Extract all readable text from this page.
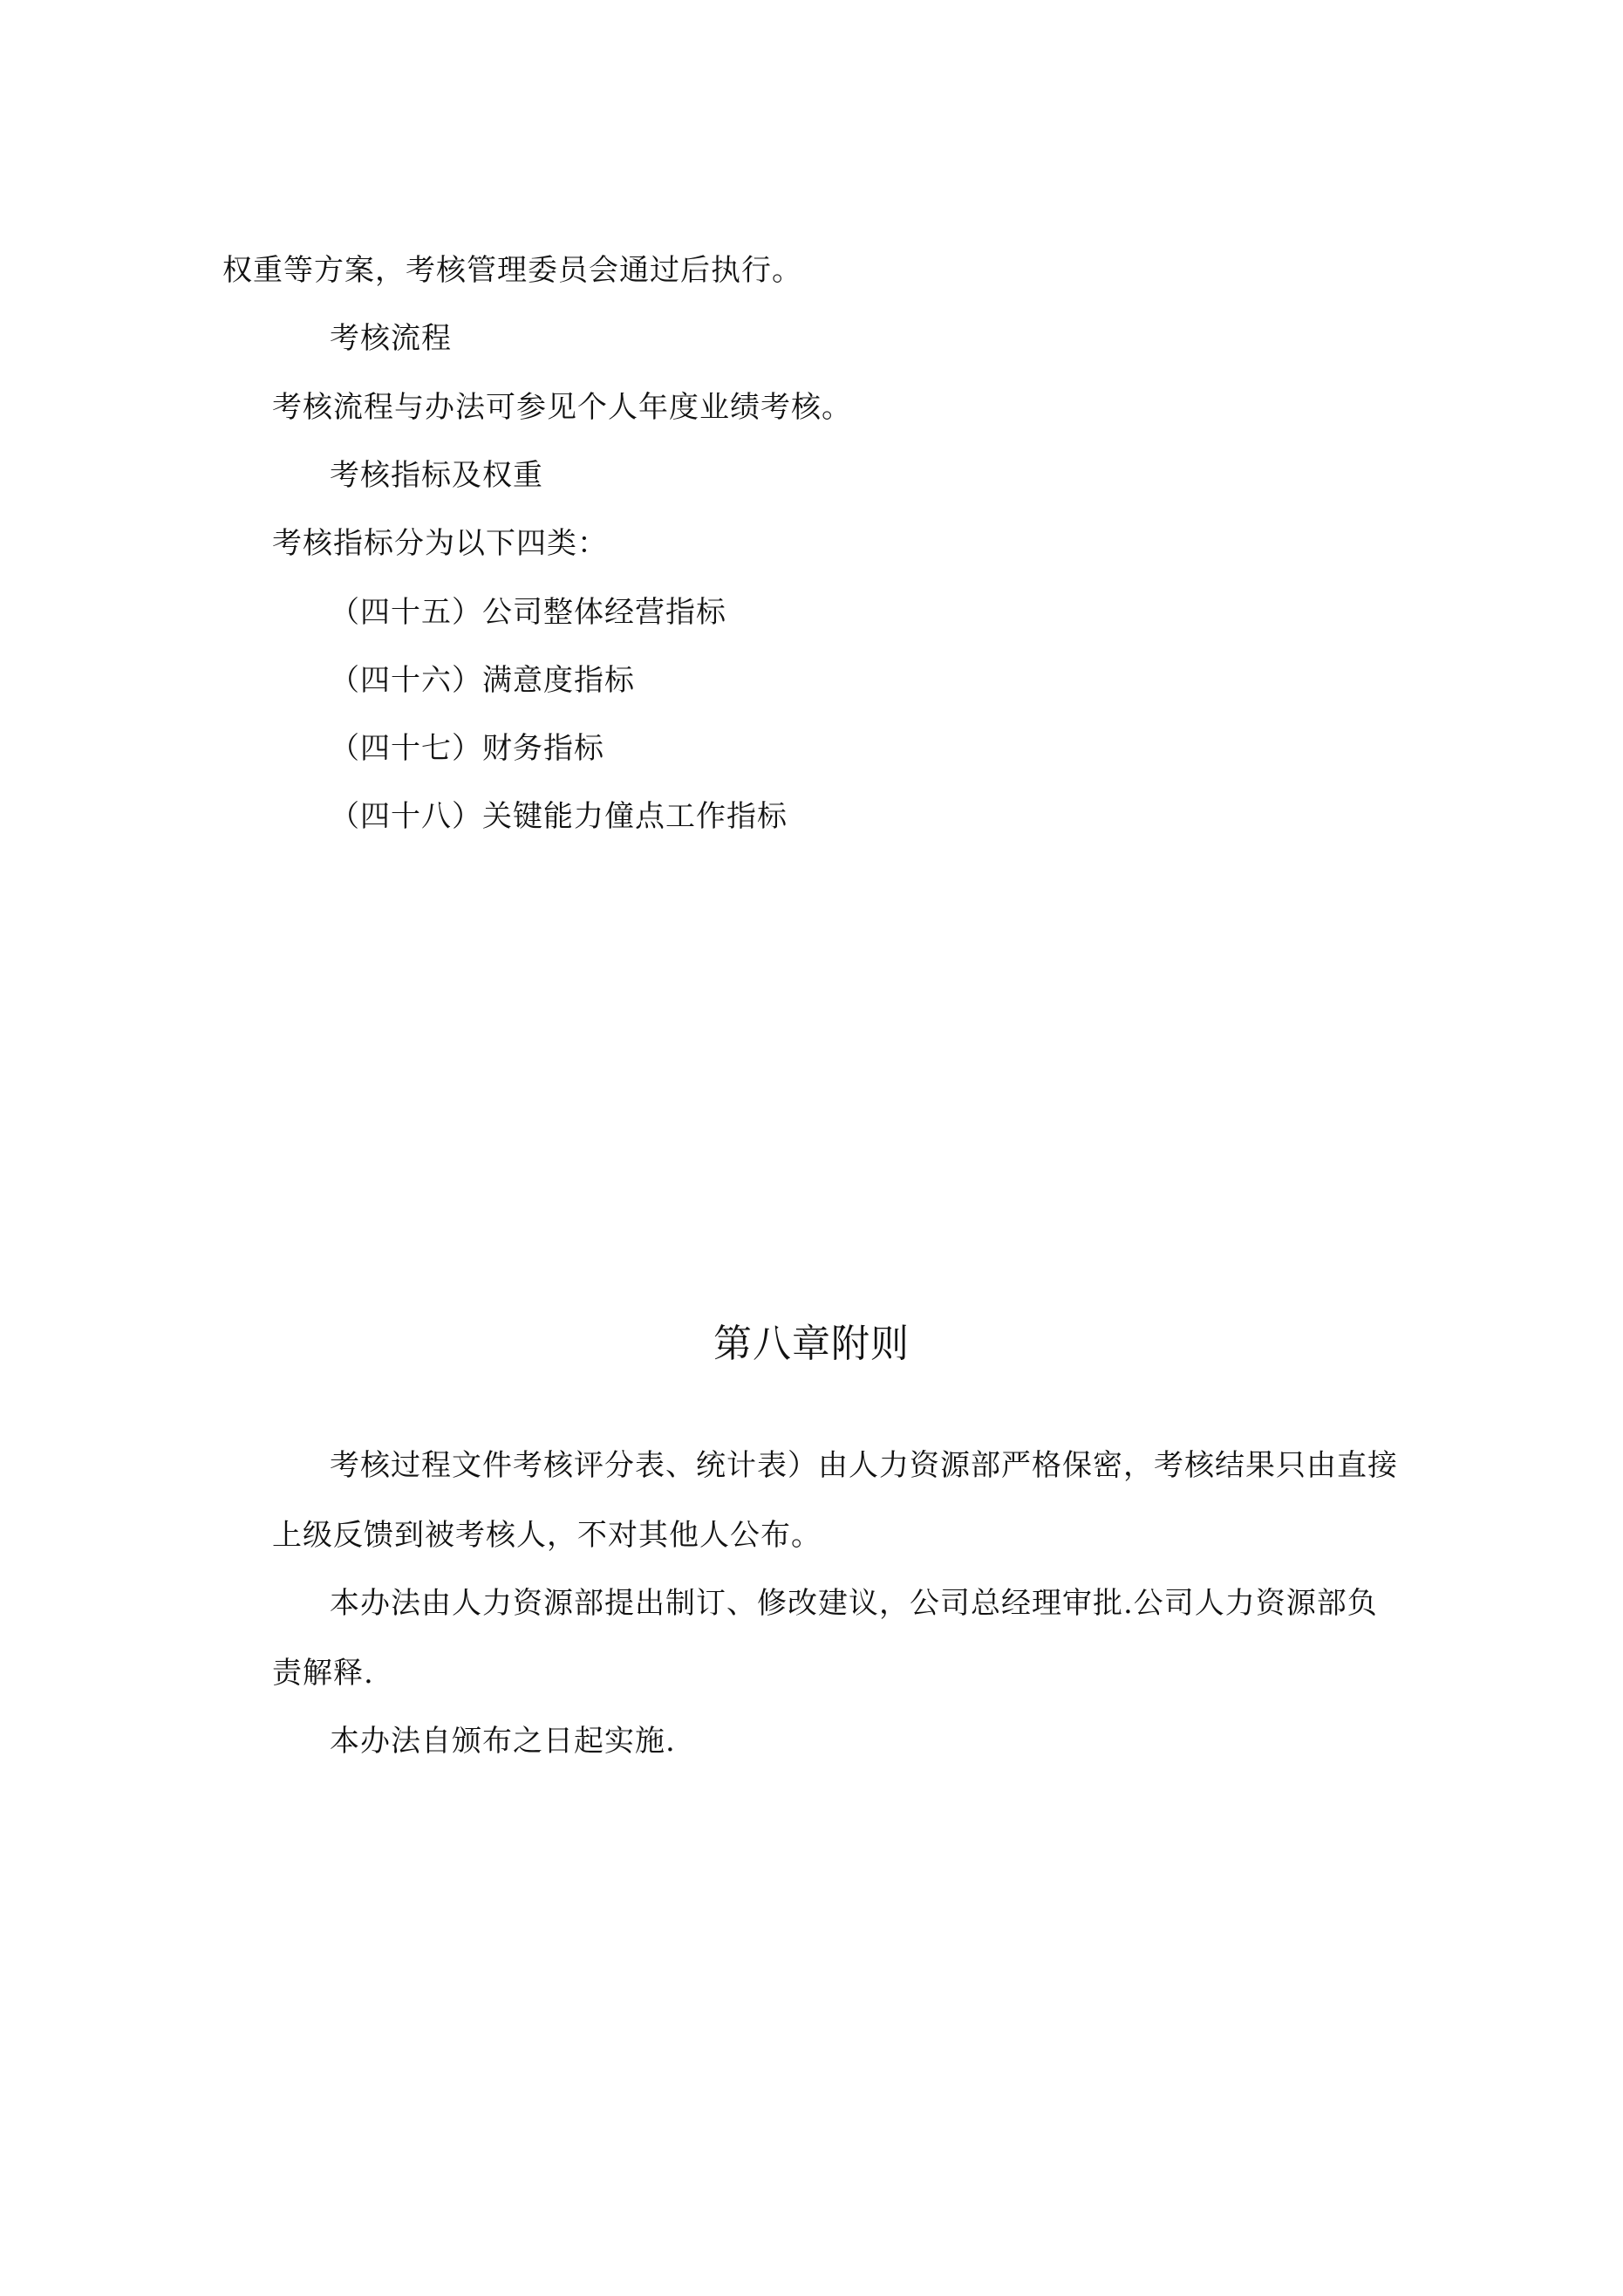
权重等方案，考核管理委员会通过后执行。
考核流程
考核流程与办法可参见个人年度业绩考核。
考核指标及权重
考核指标分为以下四类：
（四十五）公司整体经营指标
（四十六）满意度指标
（四十七）财务指标
（四十八）关键能力僮点工作指标
第八章附则
考核过程文件考核评分表、统计表）由人力资源部严格保密，考核结果只由直接
上级反馈到被考核人，不对其他人公布。
本办法由人力资源部提出制订、修改建议，公司总经理审批.公司人力资源部负
责解释.
本办法自颁布之日起实施.
